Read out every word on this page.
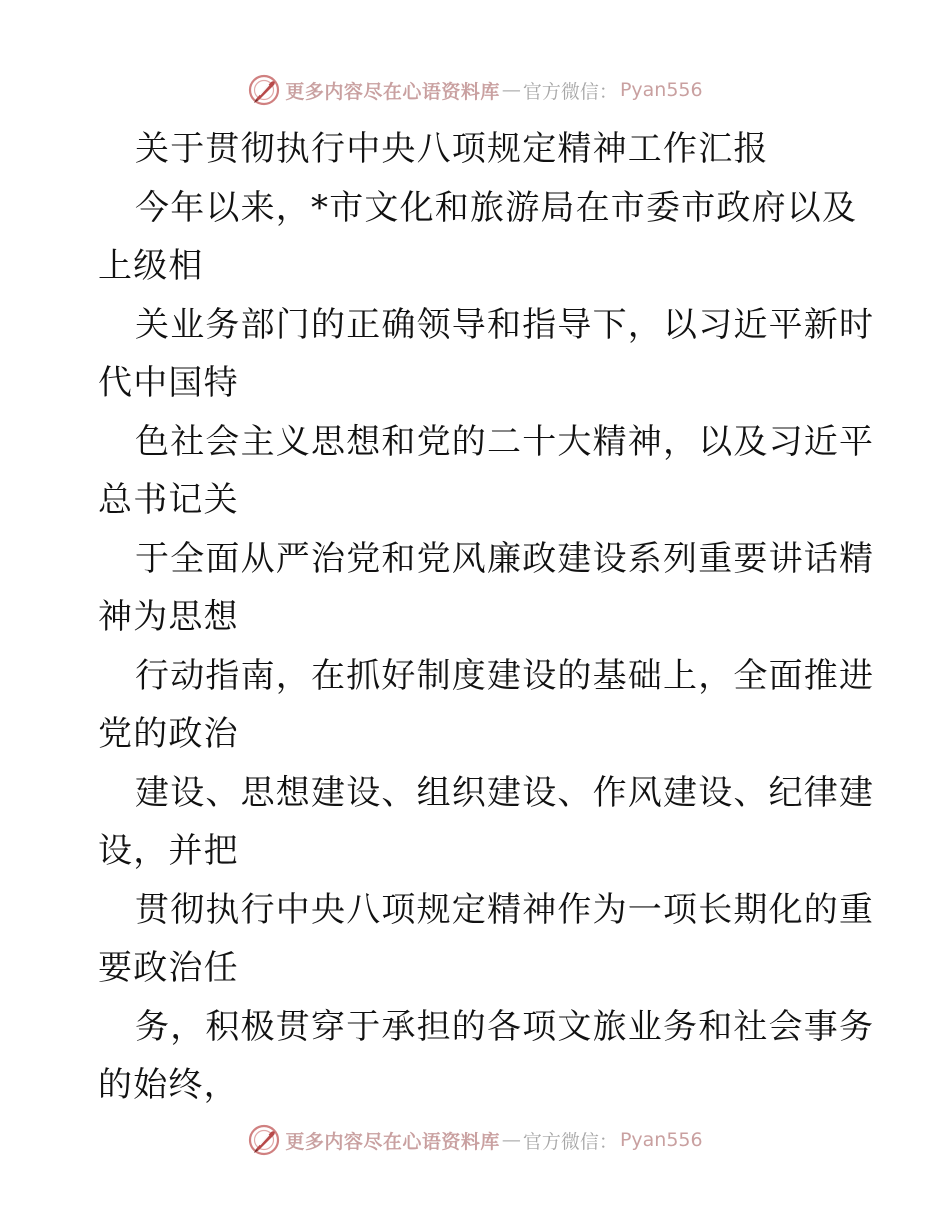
更多内容尽在心语资料库 — 官方微信： Pyan556
关于贯彻执行中央八项规定精神工作汇报
今年以来，*市文化和旅游局在市委市政府以及
上级相
关业务部门的正确领导和指导下，以习近平新时
代中国特
色社会主义思想和党的二十大精神，以及习近平
总书记关
于全面从严治党和党风廉政建设系列重要讲话精
神为思想
行动指南，在抓好制度建设的基础上，全面推进
党的政治
建设、思想建设、组织建设、作风建设、纪律建
设，并把
贯彻执行中央八项规定精神作为一项长期化的重
要政治任
务，积极贯穿于承担的各项文旅业务和社会事务
的始终，
更多内容尽在心语资料库 — 官方微信： Pyan556
